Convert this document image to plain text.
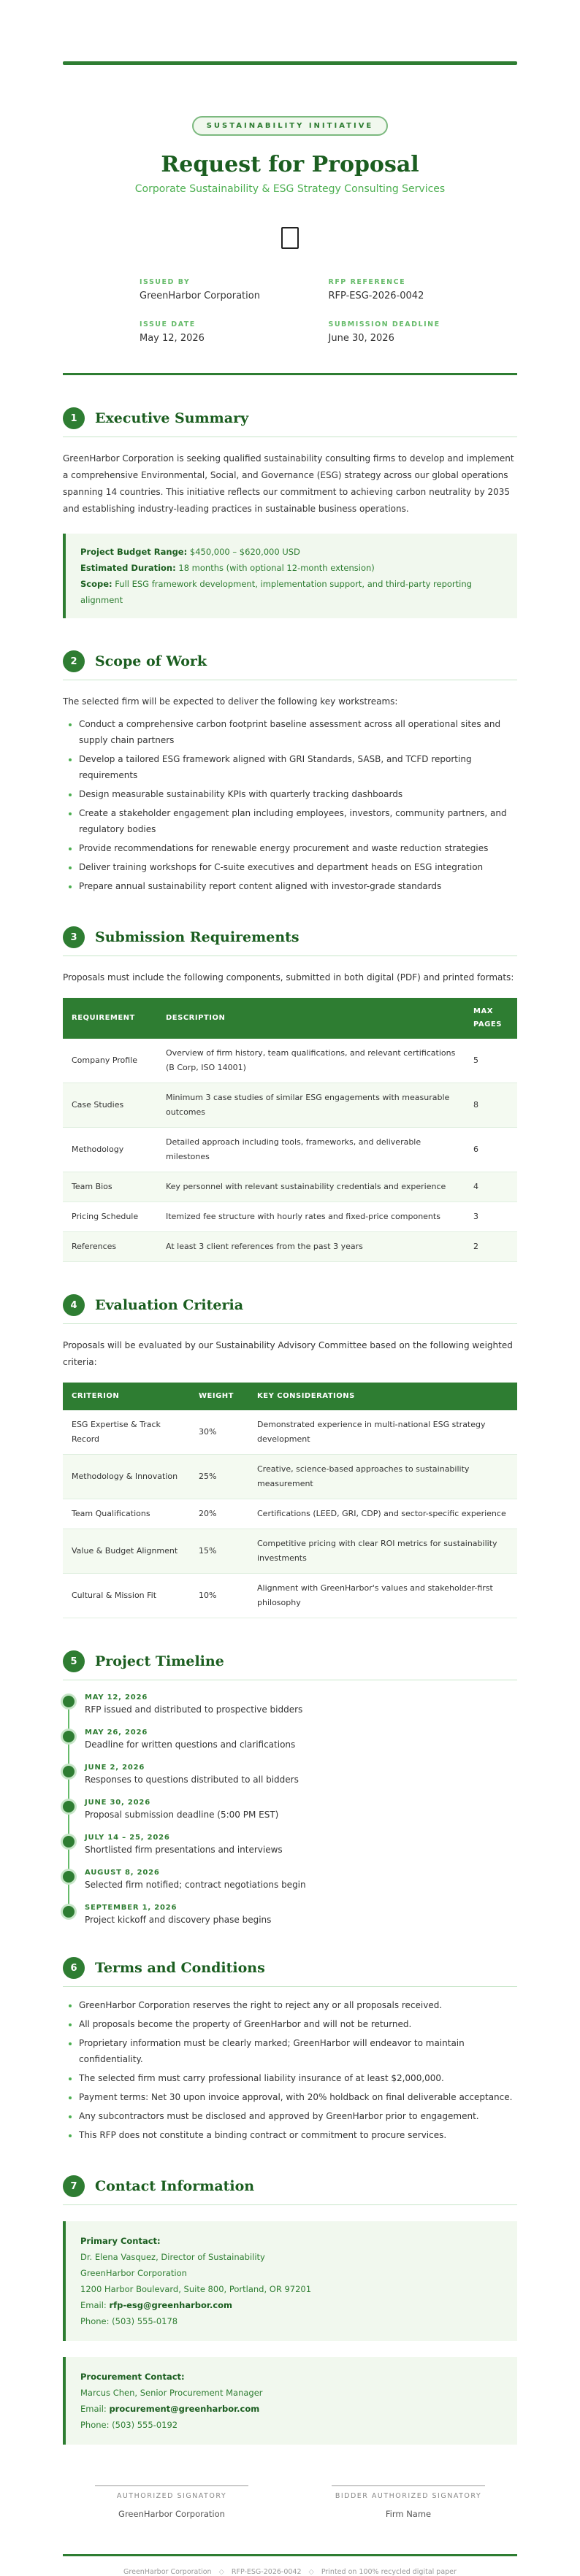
SUSTAINABILITY INITIATIVE
Request for Proposal
Corporate Sustainability & ESG Strategy Consulting Services
ISSUED BY
GreenHarbor Corporation
RFP REFERENCE
RFP-ESG-2026-0042
ISSUE DATE
May 12, 2026
SUBMISSION DEADLINE
June 30, 2026
1	Executive Summary
GreenHarbor Corporation is seeking qualified sustainability consulting firms to develop and implement a comprehensive Environmental, Social, and Governance (ESG) strategy across our global operations spanning 14 countries. This initiative reflects our commitment to achieving carbon neutrality by 2035 and establishing industry-leading practices in sustainable business operations.
Project Budget Range: $450,000 – $620,000 USD
Estimated Duration: 18 months (with optional 12-month extension)
Scope: Full ESG framework development, implementation support, and third-party reporting alignment
2	Scope of Work
The selected firm will be expected to deliver the following key workstreams:
• Conduct a comprehensive carbon footprint baseline assessment across all operational sites and supply chain partners
• Develop a tailored ESG framework aligned with GRI Standards, SASB, and TCFD reporting requirements
• Design measurable sustainability KPIs with quarterly tracking dashboards
• Create a stakeholder engagement plan including employees, investors, community partners, and regulatory bodies
• Provide recommendations for renewable energy procurement and waste reduction strategies
• Deliver training workshops for C-suite executives and department heads on ESG integration
• Prepare annual sustainability report content aligned with investor-grade standards
3	Submission Requirements
Proposals must include the following components, submitted in both digital (PDF) and printed formats:
REQUIREMENT	DESCRIPTION	MAX PAGES
Company Profile	Overview of firm history, team qualifications, and relevant certifications (B Corp, ISO 14001)	5
Case Studies	Minimum 3 case studies of similar ESG engagements with measurable outcomes	8
Methodology	Detailed approach including tools, frameworks, and deliverable milestones	6
Team Bios	Key personnel with relevant sustainability credentials and experience	4
Pricing Schedule	Itemized fee structure with hourly rates and fixed-price components	3
References	At least 3 client references from the past 3 years	2
4	Evaluation Criteria
Proposals will be evaluated by our Sustainability Advisory Committee based on the following weighted criteria:
CRITERION	WEIGHT	KEY CONSIDERATIONS
ESG Expertise & Track Record	30%	Demonstrated experience in multi-national ESG strategy development
Methodology & Innovation	25%	Creative, science-based approaches to sustainability measurement
Team Qualifications	20%	Certifications (LEED, GRI, CDP) and sector-specific experience
Value & Budget Alignment	15%	Competitive pricing with clear ROI metrics for sustainability investments
Cultural & Mission Fit	10%	Alignment with GreenHarbor's values and stakeholder-first philosophy
5	Project Timeline
MAY 12, 2026
RFP issued and distributed to prospective bidders
MAY 26, 2026
Deadline for written questions and clarifications
JUNE 2, 2026
Responses to questions distributed to all bidders
JUNE 30, 2026
Proposal submission deadline (5:00 PM EST)
JULY 14 – 25, 2026
Shortlisted firm presentations and interviews
AUGUST 8, 2026
Selected firm notified; contract negotiations begin
SEPTEMBER 1, 2026
Project kickoff and discovery phase begins
6	Terms and Conditions
• GreenHarbor Corporation reserves the right to reject any or all proposals received.
• All proposals become the property of GreenHarbor and will not be returned.
• Proprietary information must be clearly marked; GreenHarbor will endeavor to maintain confidentiality.
• The selected firm must carry professional liability insurance of at least $2,000,000.
• Payment terms: Net 30 upon invoice approval, with 20% holdback on final deliverable acceptance.
• Any subcontractors must be disclosed and approved by GreenHarbor prior to engagement.
• This RFP does not constitute a binding contract or commitment to procure services.
7	Contact Information
Primary Contact:
Dr. Elena Vasquez, Director of Sustainability
GreenHarbor Corporation
1200 Harbor Boulevard, Suite 800, Portland, OR 97201
Email: rfp-esg@greenharbor.com
Phone: (503) 555-0178
Procurement Contact:
Marcus Chen, Senior Procurement Manager
Email: procurement@greenharbor.com
Phone: (503) 555-0192
AUTHORIZED SIGNATORY
GreenHarbor Corporation
BIDDER AUTHORIZED SIGNATORY
Firm Name
GreenHarbor Corporation ◇ RFP-ESG-2026-0042 ◇ Printed on 100% recycled digital paper
